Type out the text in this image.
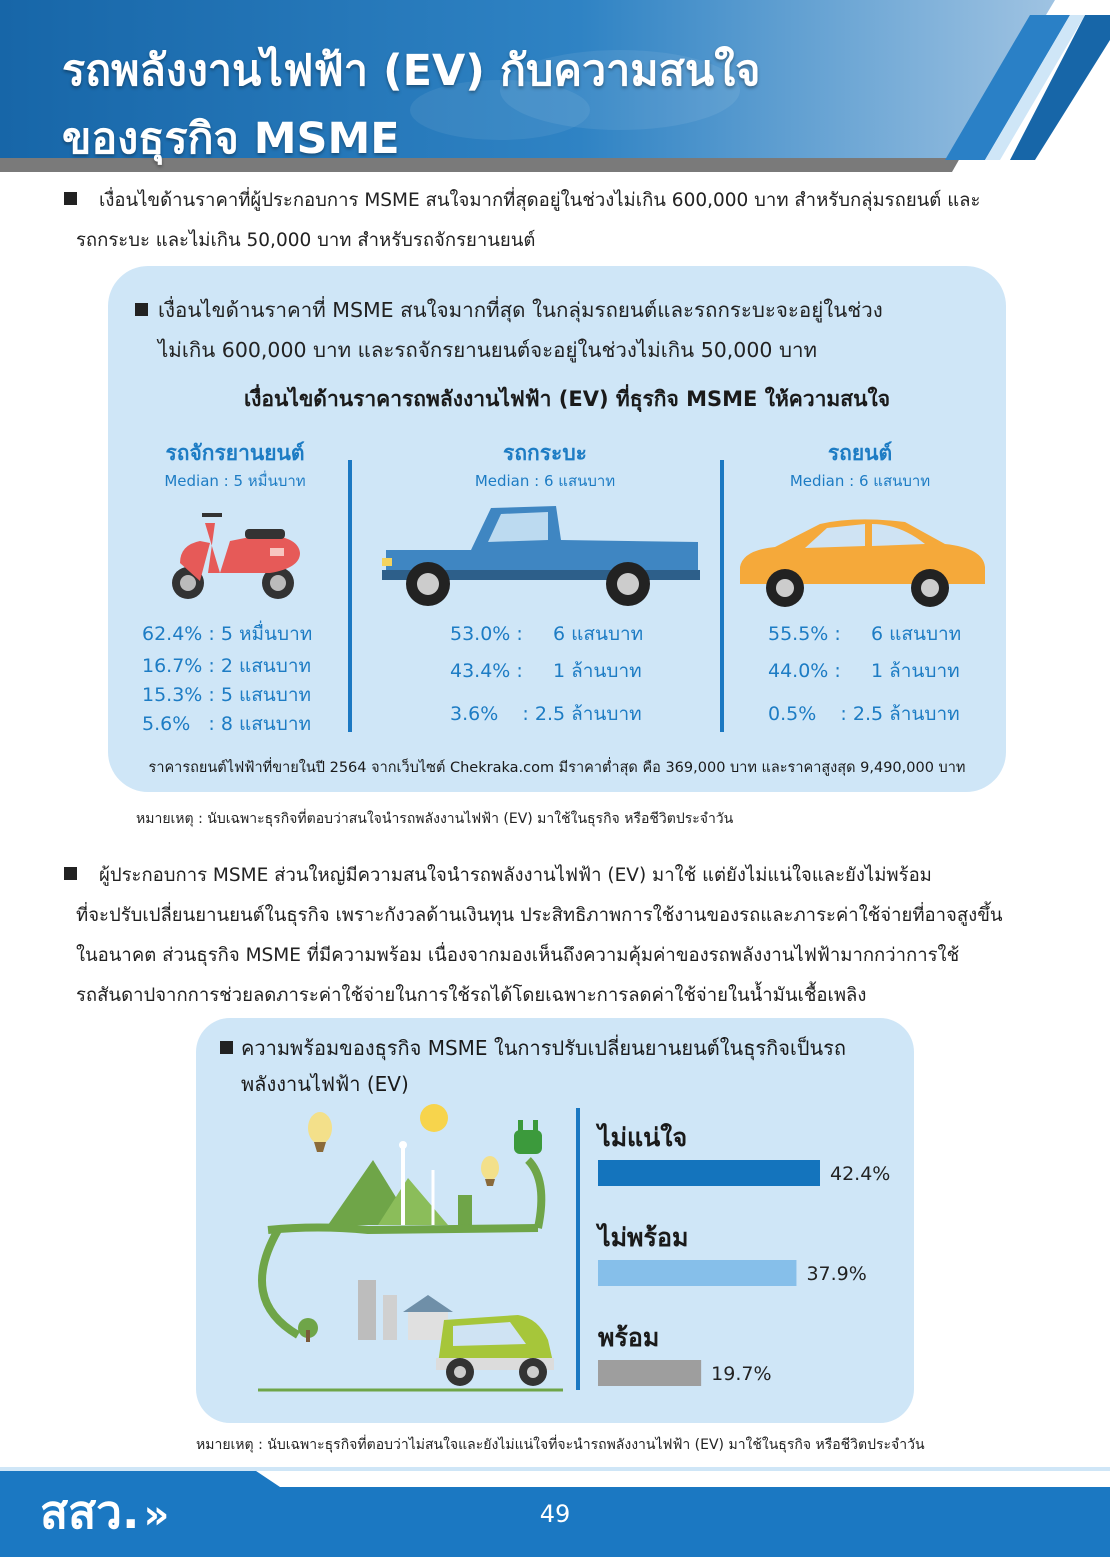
รถพลังงานไฟฟ้า (EV) กับความสนใจ
ของธุรกิจ MSME
เงื่อนไขด้านราคาที่ผู้ประกอบการ MSME สนใจมากที่สุดอยู่ในช่วงไม่เกิน 600,000 บาท สำหรับกลุ่มรถยนต์ และ
รถกระบะ และไม่เกิน 50,000 บาท สำหรับรถจักรยานยนต์
เงื่อนไขด้านราคาที่ MSME สนใจมากที่สุด ในกลุ่มรถยนต์และรถกระบะจะอยู่ในช่วง
ไม่เกิน 600,000 บาท และรถจักรยานยนต์จะอยู่ในช่วงไม่เกิน 50,000 บาท
เงื่อนไขด้านราคารถพลังงานไฟฟ้า (EV) ที่ธุรกิจ MSME ให้ความสนใจ
รถจักรยานยนต์
Median : 5 หมื่นบาท
62.4% : 5 หมื่นบาท
16.7% : 2 แสนบาท
15.3% : 5 แสนบาท
5.6%   : 8 แสนบาท
รถกระบะ
Median : 6 แสนบาท
53.0% :     6 แสนบาท
43.4% :     1 ล้านบาท
3.6%    : 2.5 ล้านบาท
รถยนต์
Median : 6 แสนบาท
55.5% :     6 แสนบาท
44.0% :     1 ล้านบาท
0.5%    : 2.5 ล้านบาท
ราคารถยนต์ไฟฟ้าที่ขายในปี 2564 จากเว็บไซต์ Chekraka.com มีราคาต่ำสุด คือ 369,000 บาท และราคาสูงสุด 9,490,000 บาท
หมายเหตุ : นับเฉพาะธุรกิจที่ตอบว่าสนใจนำรถพลังงานไฟฟ้า (EV) มาใช้ในธุรกิจ หรือชีวิตประจำวัน
ผู้ประกอบการ MSME ส่วนใหญ่มีความสนใจนำรถพลังงานไฟฟ้า (EV) มาใช้ แต่ยังไม่แน่ใจและยังไม่พร้อม
ที่จะปรับเปลี่ยนยานยนต์ในธุรกิจ เพราะกังวลด้านเงินทุน ประสิทธิภาพการใช้งานของรถและภาระค่าใช้จ่ายที่อาจสูงขึ้น
ในอนาคต ส่วนธุรกิจ MSME ที่มีความพร้อม เนื่องจากมองเห็นถึงความคุ้มค่าของรถพลังงานไฟฟ้ามากกว่าการใช้
รถสันดาปจากการช่วยลดภาระค่าใช้จ่ายในการใช้รถได้โดยเฉพาะการลดค่าใช้จ่ายในน้ำมันเชื้อเพลิง
ความพร้อมของธุรกิจ MSME ในการปรับเปลี่ยนยานยนต์ในธุรกิจเป็นรถ
พลังงานไฟฟ้า (EV)
ไม่แน่ใจ
42.4%
ไม่พร้อม
37.9%
พร้อม
19.7%
หมายเหตุ : นับเฉพาะธุรกิจที่ตอบว่าไม่สนใจและยังไม่แน่ใจที่จะนำรถพลังงานไฟฟ้า (EV) มาใช้ในธุรกิจ หรือชีวิตประจำวัน
สสว. »	49
